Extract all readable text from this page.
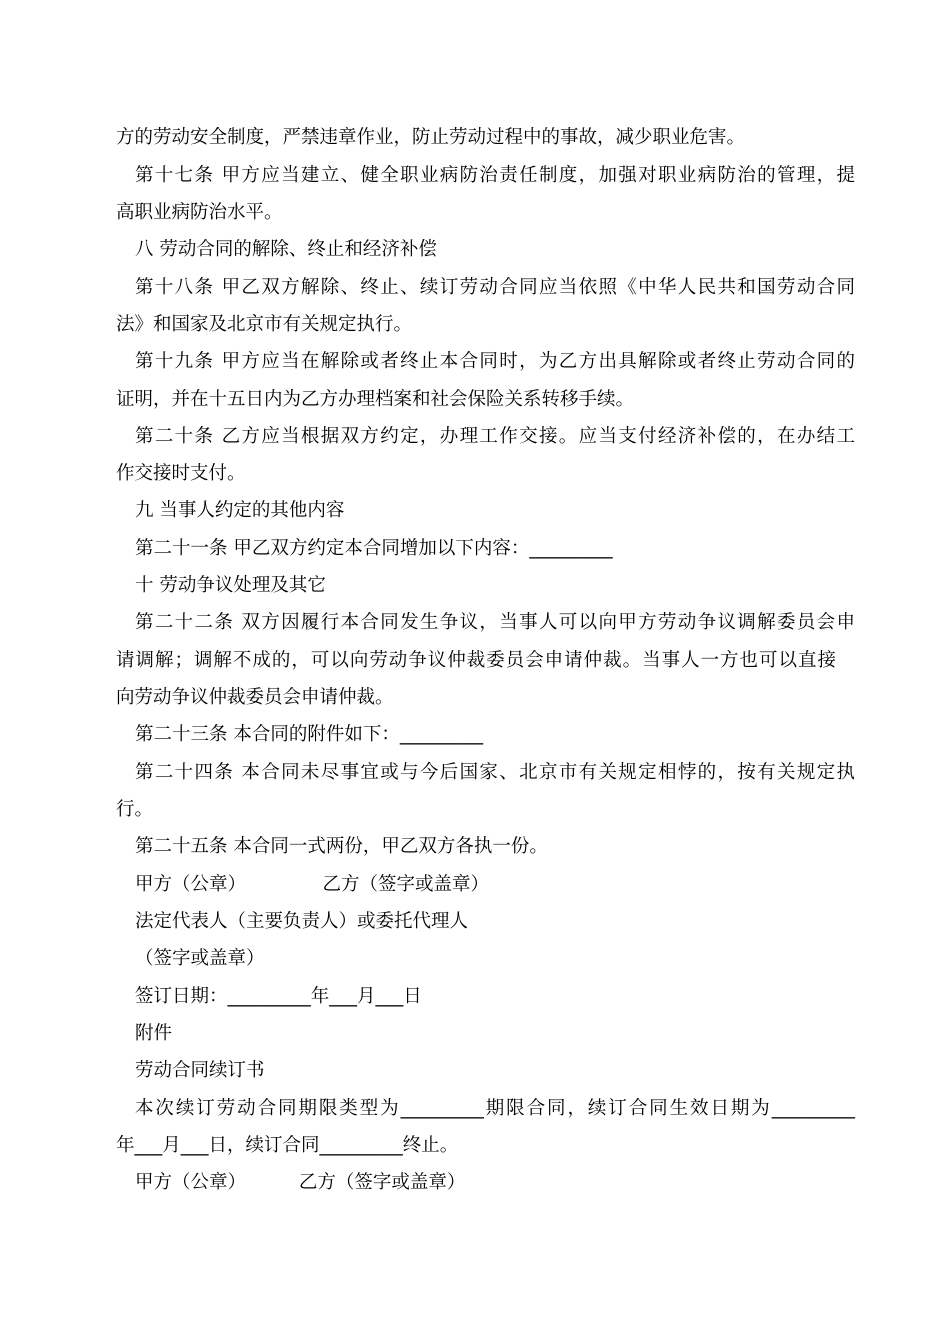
方的劳动安全制度，严禁违章作业，防止劳动过程中的事故，减少职业危害。
第十七条 甲方应当建立、健全职业病防治责任制度，加强对职业病防治的管理，提
高职业病防治水平。
八 劳动合同的解除、终止和经济补偿
第十八条 甲乙双方解除、终止、续订劳动合同应当依照《中华人民共和国劳动合同
法》和国家及北京市有关规定执行。
第十九条 甲方应当在解除或者终止本合同时，为乙方出具解除或者终止劳动合同的
证明，并在十五日内为乙方办理档案和社会保险关系转移手续。
第二十条 乙方应当根据双方约定，办理工作交接。应当支付经济补偿的，在办结工
作交接时支付。
九 当事人约定的其他内容
第二十一条 甲乙双方约定本合同增加以下内容：_________
十 劳动争议处理及其它
第二十二条 双方因履行本合同发生争议，当事人可以向甲方劳动争议调解委员会申
请调解；调解不成的，可以向劳动争议仲裁委员会申请仲裁。当事人一方也可以直接
向劳动争议仲裁委员会申请仲裁。
第二十三条 本合同的附件如下：_________
第二十四条 本合同未尽事宜或与今后国家、北京市有关规定相悖的，按有关规定执
行。
第二十五条 本合同一式两份，甲乙双方各执一份。
甲方（公章）             乙方（签字或盖章）
法定代表人（主要负责人）或委托代理人
（签字或盖章）
签订日期：_________年___月___日
附件
劳动合同续订书
本次续订劳动合同期限类型为_________期限合同，续订合同生效日期为_________
年___月___日，续订合同_________终止。
甲方（公章）         乙方（签字或盖章）
